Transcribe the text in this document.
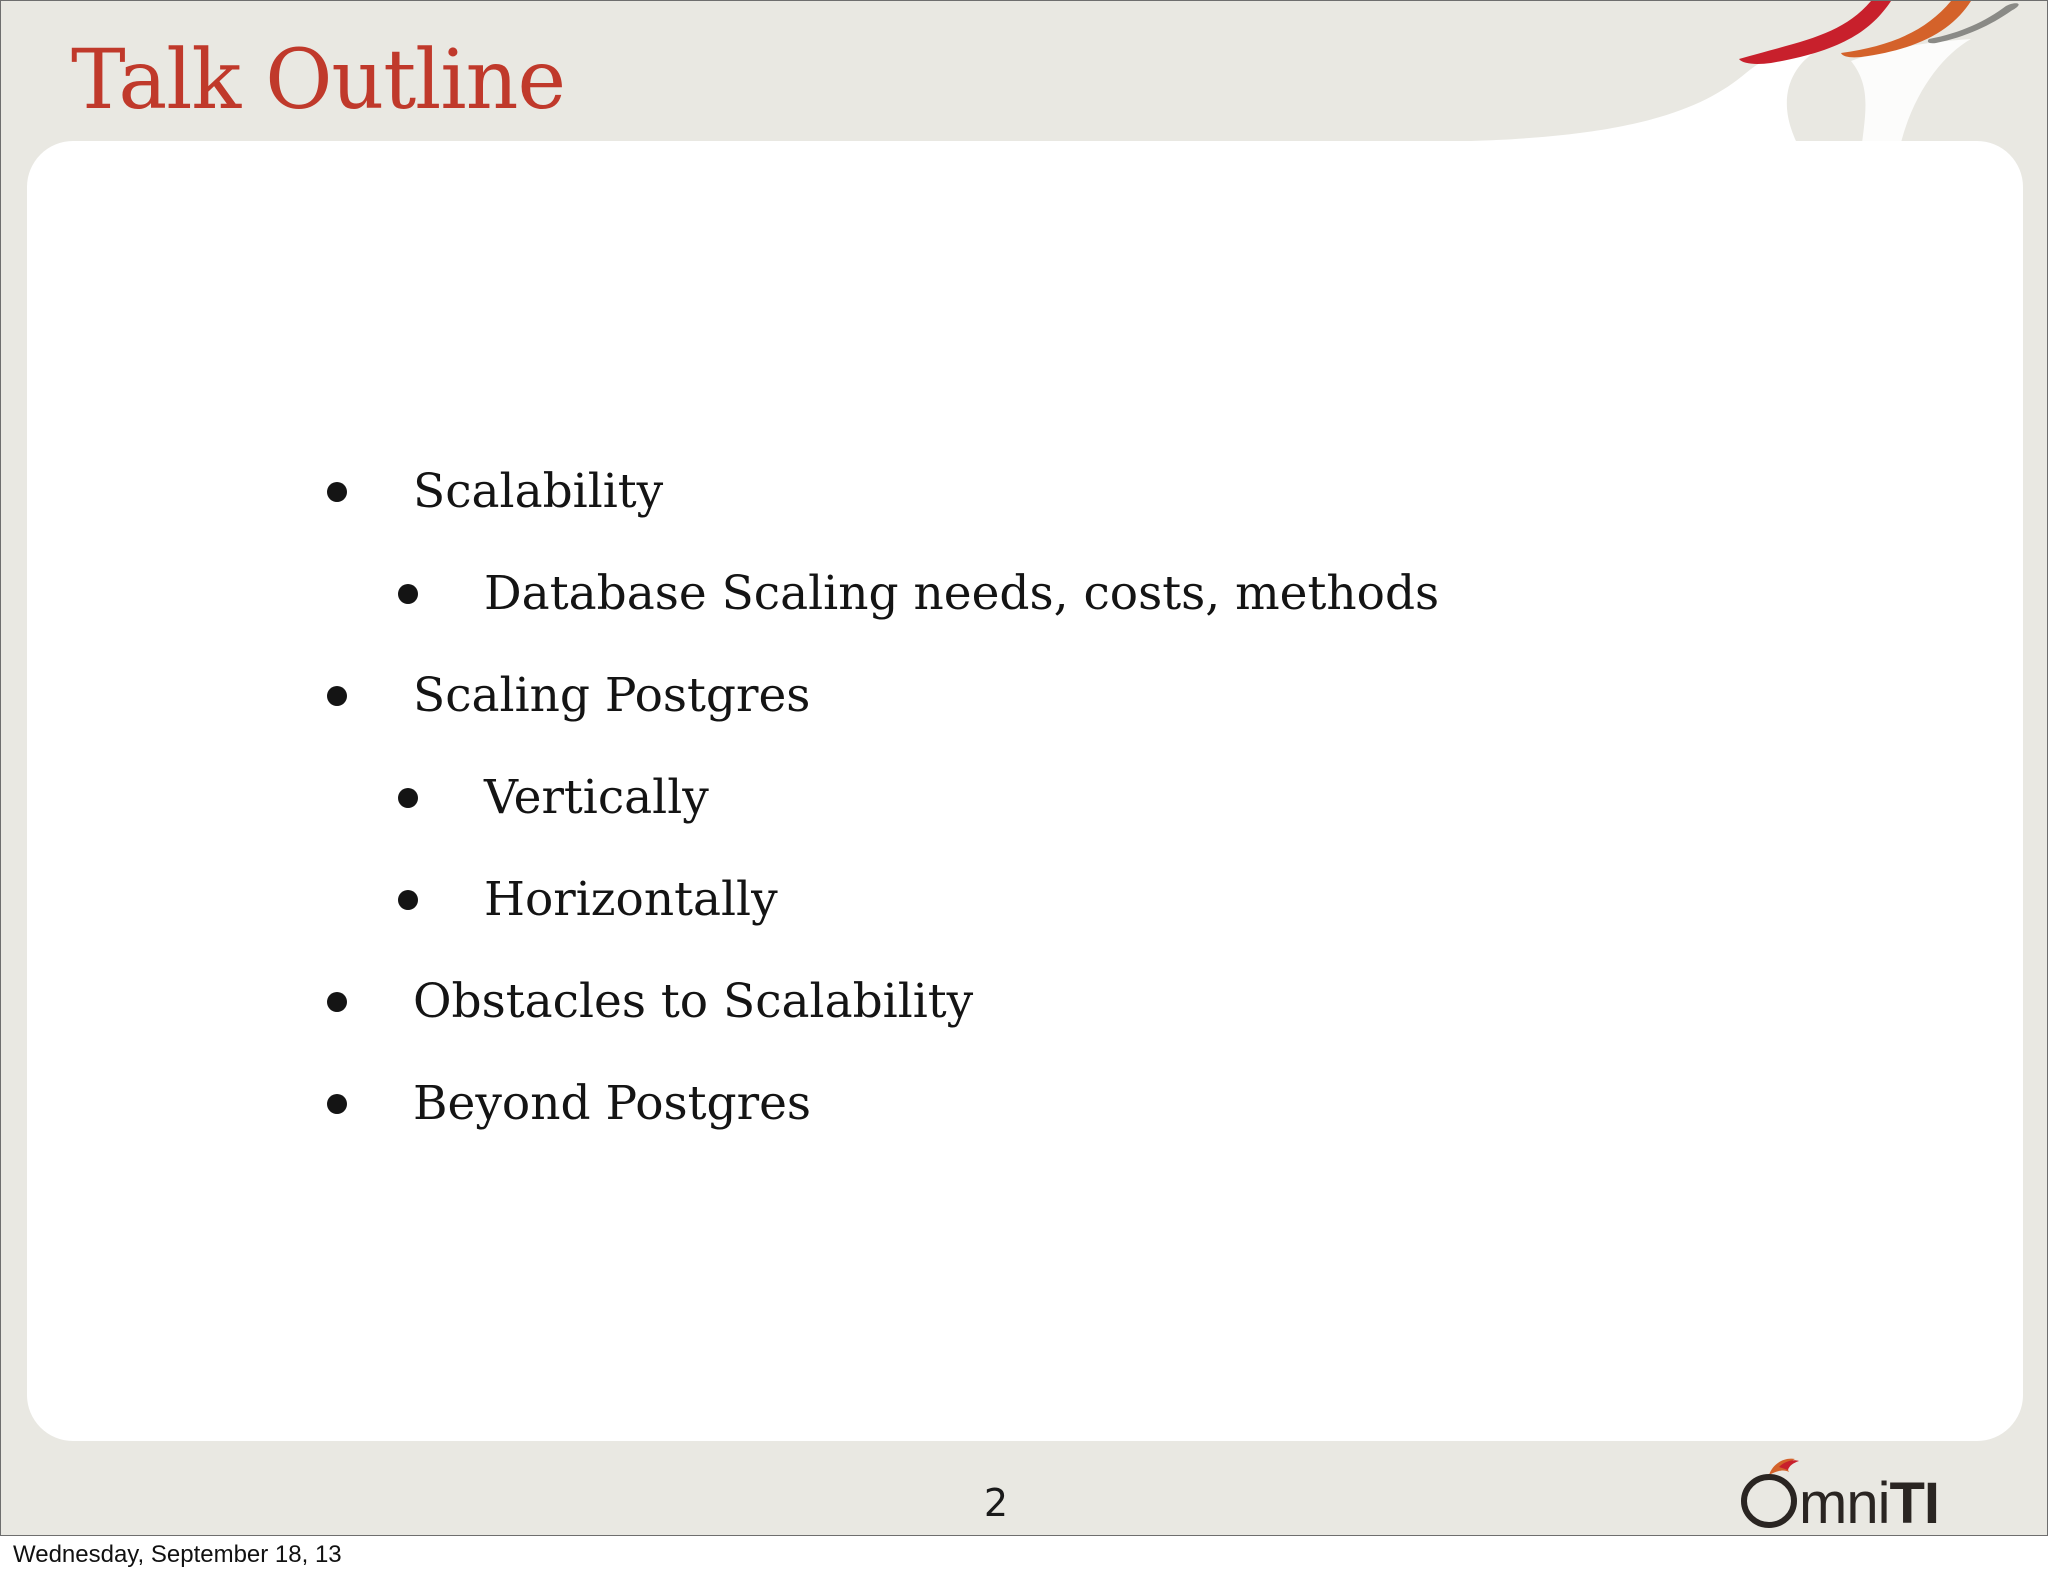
Talk Outline
Scalability
Database Scaling needs, costs, methods
Scaling Postgres
Vertically
Horizontally
Obstacles to Scalability
Beyond Postgres
2	mniTI
Wednesday, September 18, 13
